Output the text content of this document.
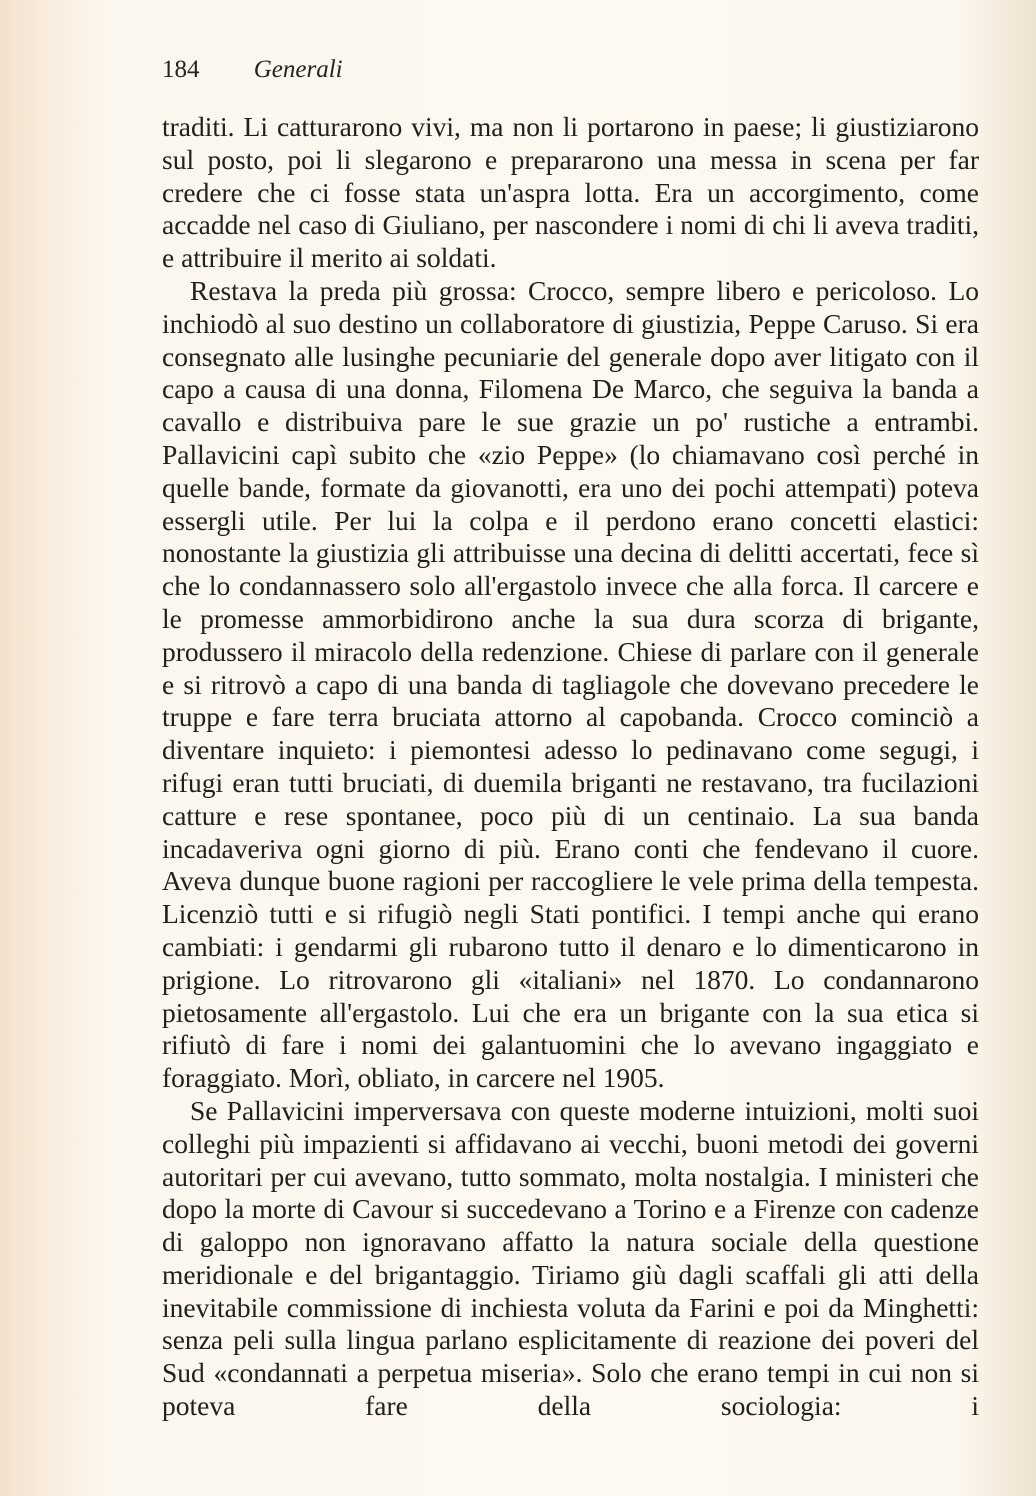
184 Generali

traditi. Li catturarono vivi, ma non li portarono in paese; li giustiziarono sul posto, poi li slegarono e prepararono una messa in scena per far credere che ci fosse stata un'aspra lotta. Era un accorgimento, come accadde nel caso di Giuliano, per nascondere i nomi di chi li aveva traditi, e attribuire il merito ai soldati.

Restava la preda più grossa: Crocco, sempre libero e pericoloso. Lo inchiodò al suo destino un collaboratore di giustizia, Peppe Caruso. Si era consegnato alle lusinghe pecuniarie del generale dopo aver litigato con il capo a causa di una donna, Filomena De Marco, che seguiva la banda a cavallo e distribuiva pare le sue grazie un po' rustiche a entrambi. Pallavicini capì subito che «zio Peppe» (lo chiamavano così perché in quelle bande, formate da giovanotti, era uno dei pochi attempati) poteva essergli utile. Per lui la colpa e il perdono erano concetti elastici: nonostante la giustizia gli attribuisse una decina di delitti accertati, fece sì che lo condannassero solo all'ergastolo invece che alla forca. Il carcere e le promesse ammorbidirono anche la sua dura scorza di brigante, produssero il miracolo della redenzione. Chiese di parlare con il generale e si ritrovò a capo di una banda di tagliagole che dovevano precedere le truppe e fare terra bruciata attorno al capobanda. Crocco cominciò a diventare inquieto: i piemontesi adesso lo pedinavano come segugi, i rifugi eran tutti bruciati, di duemila briganti ne restavano, tra fucilazioni catture e rese spontanee, poco più di un centinaio. La sua banda incadaveriva ogni giorno di più. Erano conti che fendevano il cuore. Aveva dunque buone ragioni per raccogliere le vele prima della tempesta. Licenziò tutti e si rifugiò negli Stati pontifici. I tempi anche qui erano cambiati: i gendarmi gli rubarono tutto il denaro e lo dimenticarono in prigione. Lo ritrovarono gli «italiani» nel 1870. Lo condannarono pietosamente all'ergastolo. Lui che era un brigante con la sua etica si rifiutò di fare i nomi dei galantuomini che lo avevano ingaggiato e foraggiato. Morì, obliato, in carcere nel 1905.

Se Pallavicini imperversava con queste moderne intuizioni, molti suoi colleghi più impazienti si affidavano ai vecchi, buoni metodi dei governi autoritari per cui avevano, tutto sommato, molta nostalgia. I ministeri che dopo la morte di Cavour si succedevano a Torino e a Firenze con cadenze di galoppo non ignoravano affatto la natura sociale della questione meridionale e del brigantaggio. Tiriamo giù dagli scaffali gli atti della inevitabile commissione di inchiesta voluta da Farini e poi da Minghetti: senza peli sulla lingua parlano esplicitamente di reazione dei poveri del Sud «condannati a perpetua miseria». Solo che erano tempi in cui non si poteva fare della sociologia: i
